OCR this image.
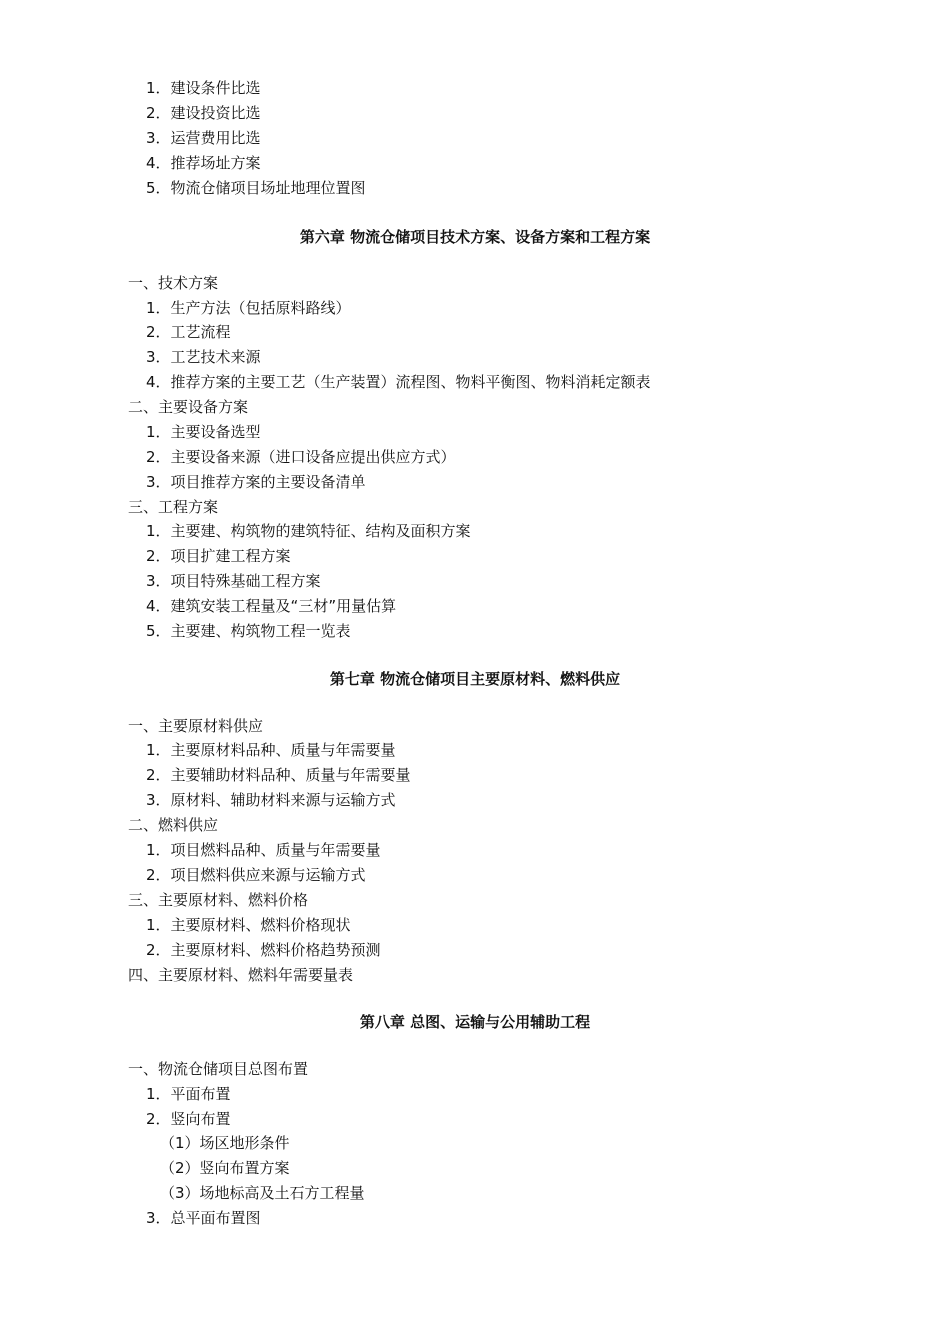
1．建设条件比选
2．建设投资比选
3．运营费用比选
4．推荐场址方案
5．物流仓储项目场址地理位置图
第六章 物流仓储项目技术方案、设备方案和工程方案
一、技术方案
1．生产方法（包括原料路线）
2．工艺流程
3．工艺技术来源
4．推荐方案的主要工艺（生产装置）流程图、物料平衡图、物料消耗定额表
二、主要设备方案
1．主要设备选型
2．主要设备来源（进口设备应提出供应方式）
3．项目推荐方案的主要设备清单
三、工程方案
1．主要建、构筑物的建筑特征、结构及面积方案
2．项目扩建工程方案
3．项目特殊基础工程方案
4．建筑安装工程量及“三材”用量估算
5．主要建、构筑物工程一览表
第七章 物流仓储项目主要原材料、燃料供应
一、主要原材料供应
1．主要原材料品种、质量与年需要量
2．主要辅助材料品种、质量与年需要量
3．原材料、辅助材料来源与运输方式
二、燃料供应
1．项目燃料品种、质量与年需要量
2．项目燃料供应来源与运输方式
三、主要原材料、燃料价格
1．主要原材料、燃料价格现状
2．主要原材料、燃料价格趋势预测
四、主要原材料、燃料年需要量表
第八章 总图、运输与公用辅助工程
一、物流仓储项目总图布置
1．平面布置
2．竖向布置
（1）场区地形条件
（2）竖向布置方案
（3）场地标高及土石方工程量
3．总平面布置图
